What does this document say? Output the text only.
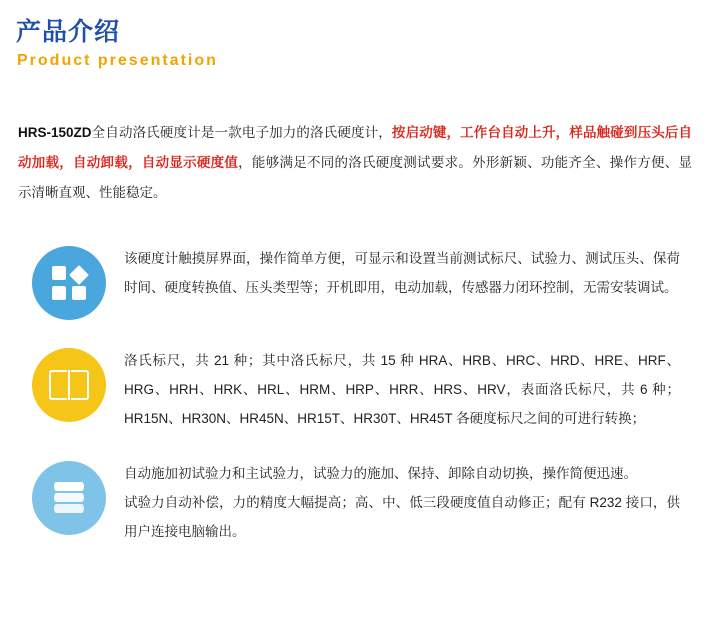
产品介绍
Product presentation
HRS-150ZD全自动洛氏硬度计是一款电子加力的洛氏硬度计，按启动键，工作台自动上升，样品触碰到压头后自动加载，自动卸载，自动显示硬度值，能够满足不同的洛氏硬度测试要求。外形新颖、功能齐全、操作方便、显示清晰直观、性能稳定。

该硬度计触摸屏界面，操作简单方便，可显示和设置当前测试标尺、试验力、测试压头、保荷时间、硬度转换值、压头类型等；开机即用，电动加载，传感器力闭环控制，无需安装调试。

洛氏标尺，共 21 种；其中洛氏标尺，共 15 种 HRA、HRB、HRC、HRD、HRE、HRF、HRG、HRH、HRK、HRL、HRM、HRP、HRR、HRS、HRV，表面洛氏标尺，共 6 种；HR15N、HR30N、HR45N、HR15T、HR30T、HR45T 各硬度标尺之间的可进行转换；

自动施加初试验力和主试验力，试验力的施加、保持、卸除自动切换，操作简便迅速。

试验力自动补偿，力的精度大幅提高；高、中、低三段硬度值自动修正；配有 R232 接口，供用户连接电脑输出。
